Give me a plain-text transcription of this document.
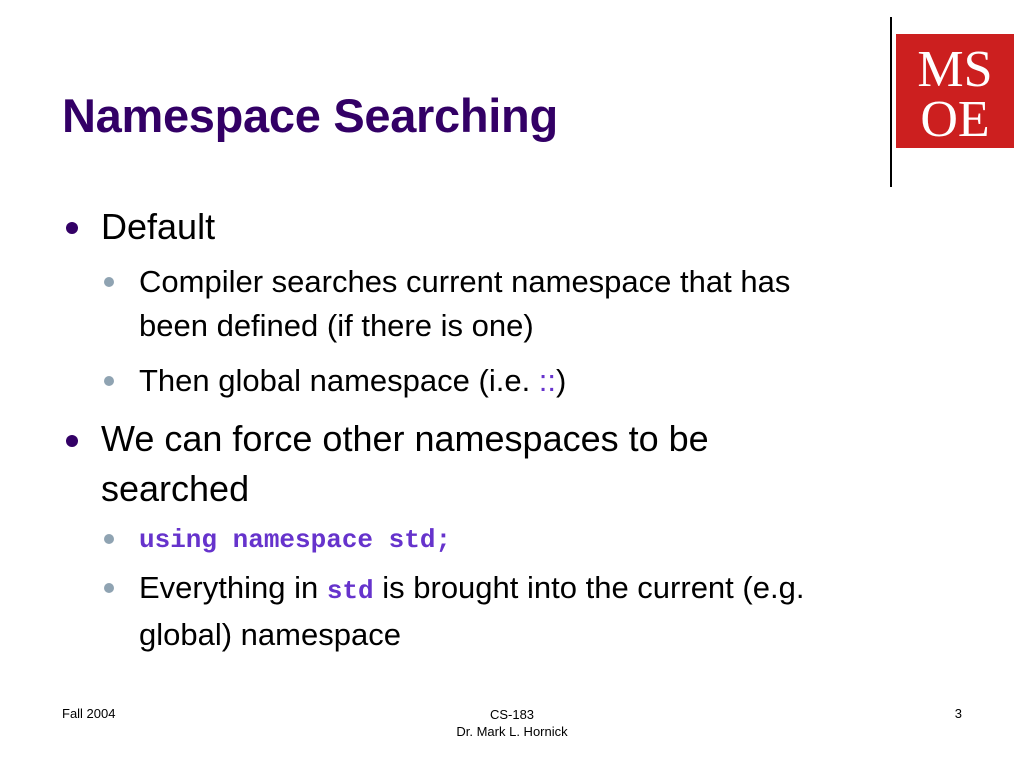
Namespace Searching
MS
OE
Default
Compiler searches current namespace that has
been defined (if there is one)
Then global namespace (i.e. ::)
We can force other namespaces to be
searched
using namespace std;
Everything in std is brought into the current (e.g.
global) namespace
Fall 2004	CS-183
Dr. Mark L. Hornick
3
